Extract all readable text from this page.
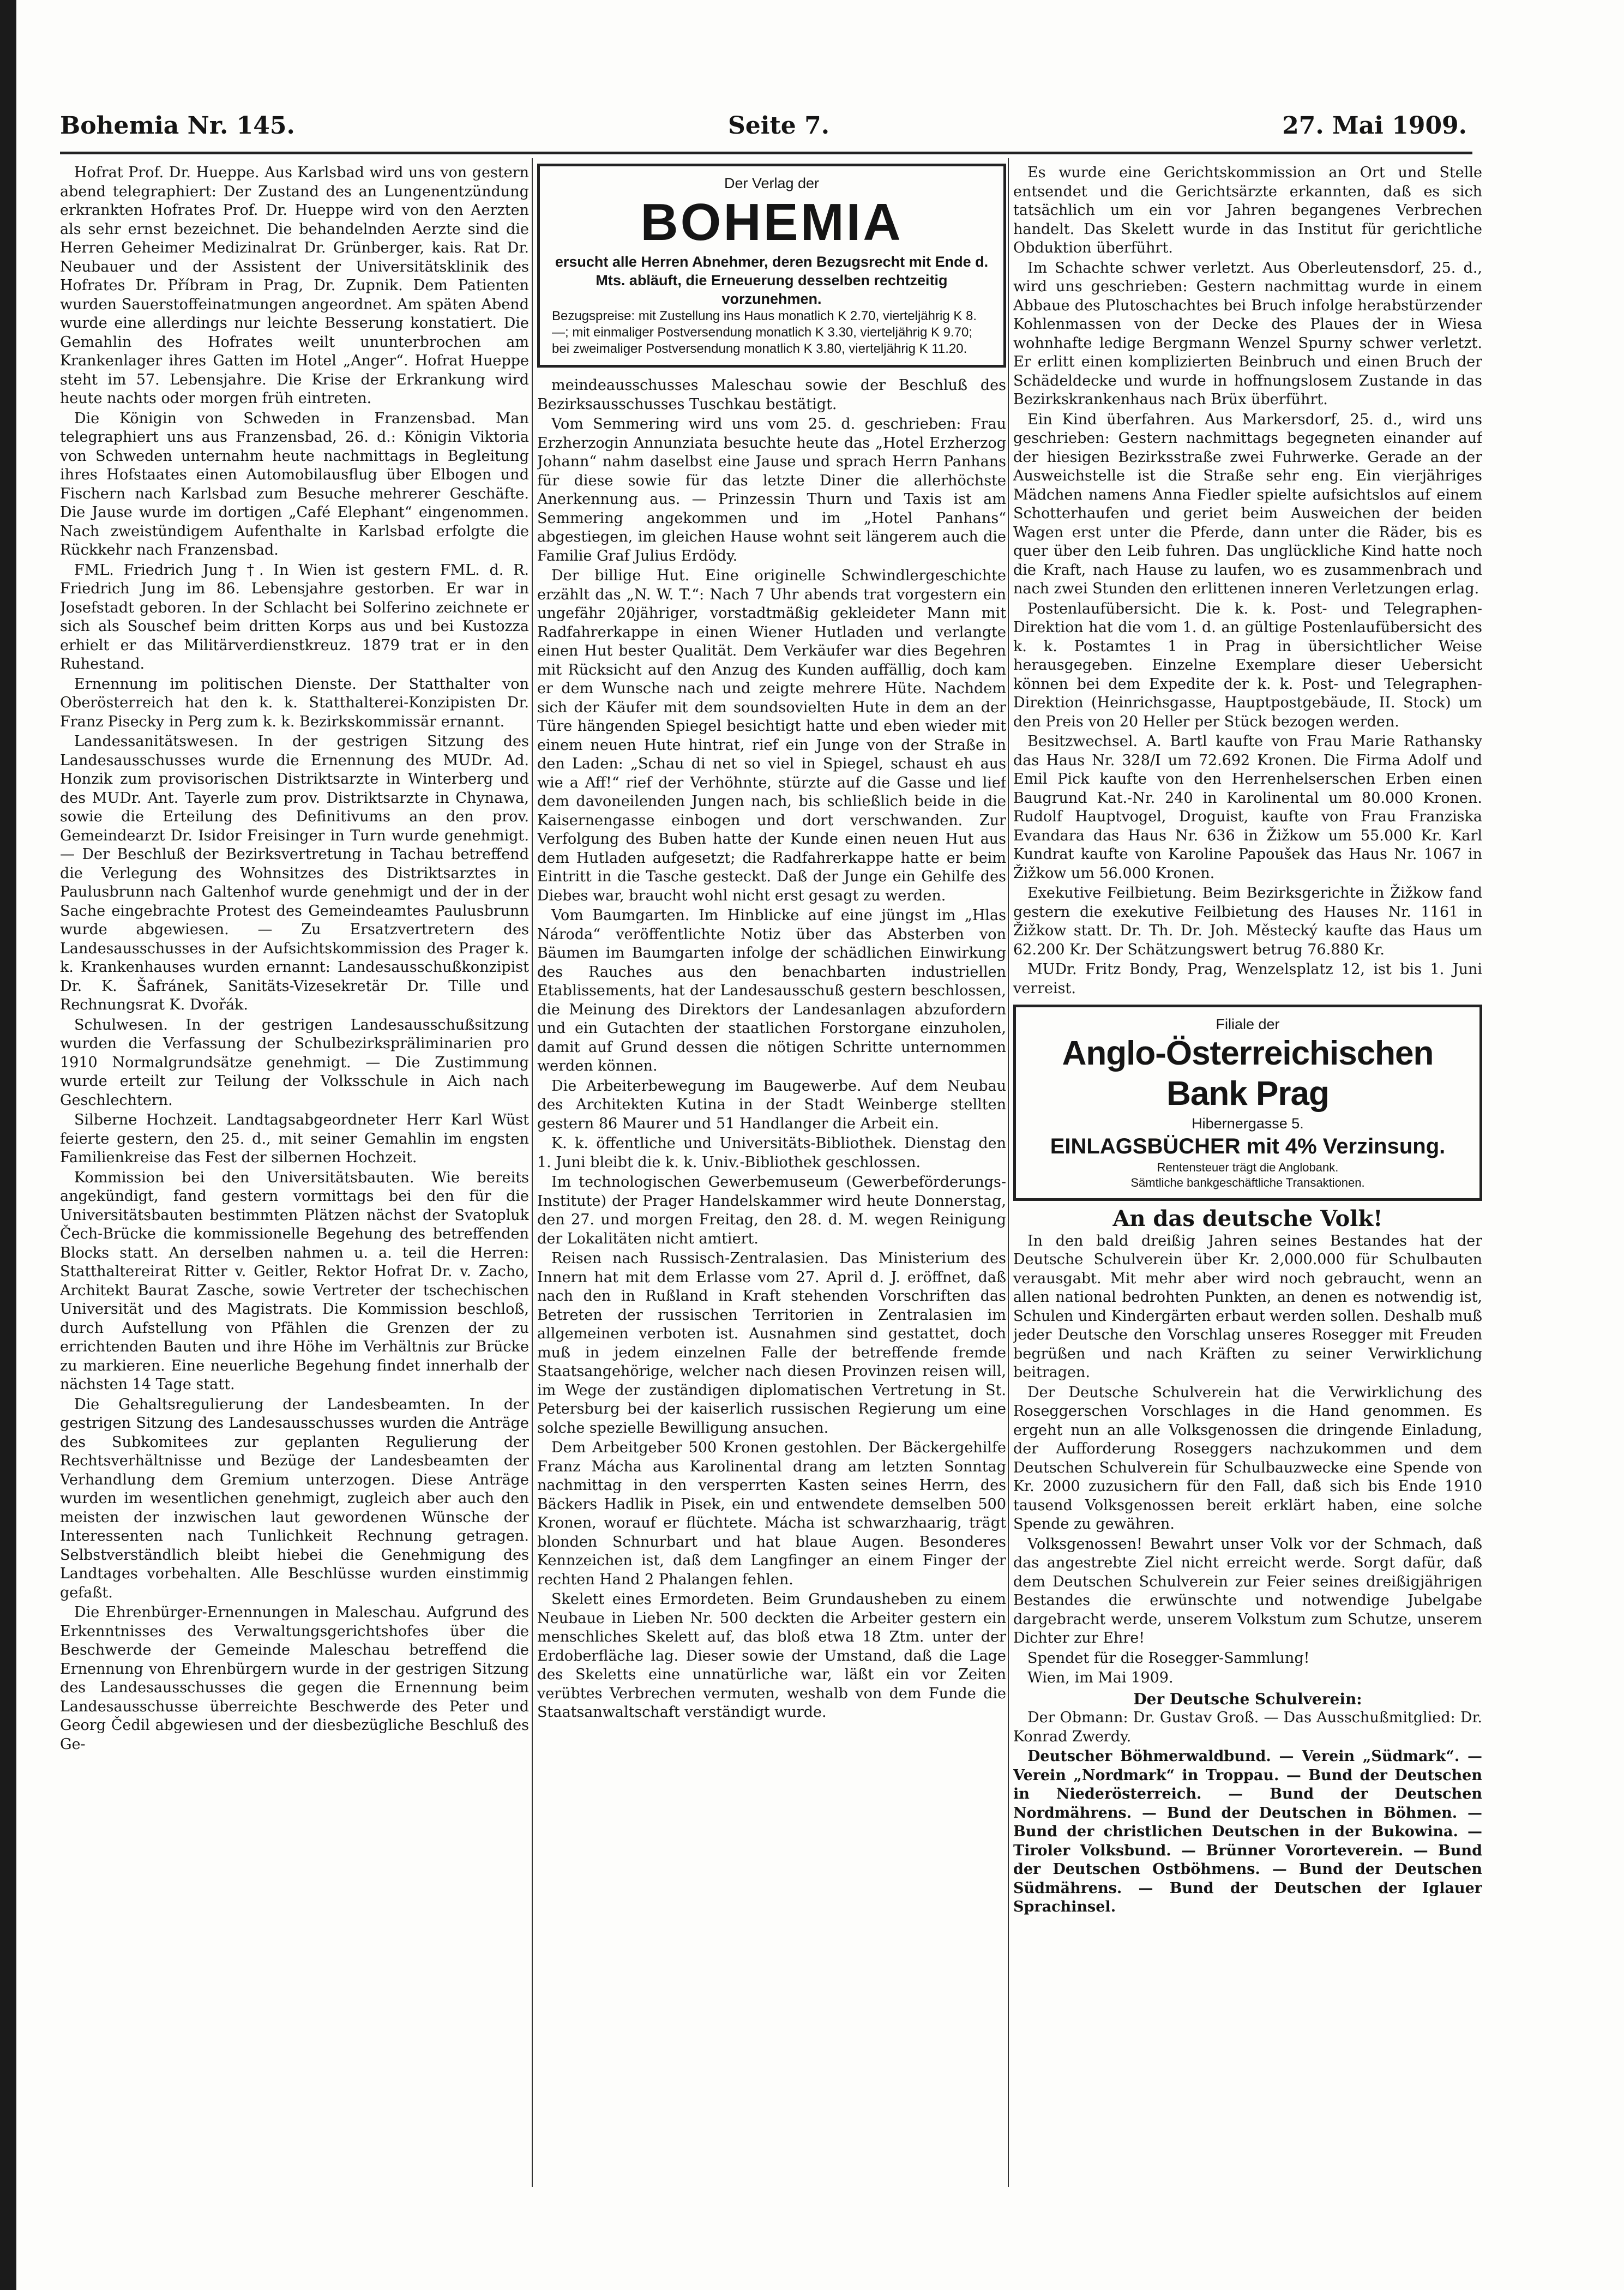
Bohemia Nr. 145.	Seite 7.	27. Mai 1909.

Hofrat Prof. Dr. Hueppe. Aus Karlsbad wird uns von gestern abend telegraphiert: Der Zustand des an Lungenentzündung erkrankten Hofrates Prof. Dr. Hueppe wird von den Aerzten als sehr ernst bezeichnet. Die behandelnden Aerzte sind die Herren Geheimer Medizinalrat Dr. Grünberger, kais. Rat Dr. Neubauer und der Assistent der Universitätsklinik des Hofrates Dr. Příbram in Prag, Dr. Zupnik. Dem Patienten wurden Sauerstoffeinatmungen angeordnet. Am späten Abend wurde eine allerdings nur leichte Besserung konstatiert. Die Gemahlin des Hofrates weilt ununterbrochen am Krankenlager ihres Gatten im Hotel „Anger“. Hofrat Hueppe steht im 57. Lebensjahre. Die Krise der Erkrankung wird heute nachts oder morgen früh eintreten.

Die Königin von Schweden in Franzensbad. Man telegraphiert uns aus Franzensbad, 26. d.: Königin Viktoria von Schweden unternahm heute nachmittags in Begleitung ihres Hofstaates einen Automobilausflug über Elbogen und Fischern nach Karlsbad zum Besuche mehrerer Geschäfte. Die Jause wurde im dortigen „Café Elephant“ eingenommen. Nach zweistündigem Aufenthalte in Karlsbad erfolgte die Rückkehr nach Franzensbad.

FML. Friedrich Jung †. In Wien ist gestern FML. d. R. Friedrich Jung im 86. Lebensjahre gestorben. Er war in Josefstadt geboren. In der Schlacht bei Solferino zeichnete er sich als Souschef beim dritten Korps aus und bei Kustozza erhielt er das Militärverdienstkreuz. 1879 trat er in den Ruhestand.

Ernennung im politischen Dienste. Der Statthalter von Oberösterreich hat den k. k. Statthalterei-Konzipisten Dr. Franz Pisecky in Perg zum k. k. Bezirkskommissär ernannt.

Landessanitätswesen. In der gestrigen Sitzung des Landesausschusses wurde die Ernennung des MUDr. Ad. Honzik zum provisorischen Distriktsarzte in Winterberg und des MUDr. Ant. Tayerle zum prov. Distriktsarzte in Chynawa, sowie die Erteilung des Definitivums an den prov. Gemeindearzt Dr. Isidor Freisinger in Turn wurde genehmigt. — Der Beschluß der Bezirksvertretung in Tachau betreffend die Verlegung des Wohnsitzes des Distriktsarztes in Paulusbrunn nach Galtenhof wurde genehmigt und der in der Sache eingebrachte Protest des Gemeindeamtes Paulusbrunn wurde abgewiesen. — Zu Ersatzvertretern des Landesausschusses in der Aufsichtskommission des Prager k. k. Krankenhauses wurden ernannt: Landesausschußkonzipist Dr. K. Šafránek, Sanitäts-Vizesekretär Dr. Tille und Rechnungsrat K. Dvořák.

Schulwesen. In der gestrigen Landesausschußsitzung wurden die Verfassung der Schulbezirkspräliminarien pro 1910 Normalgrundsätze genehmigt. — Die Zustimmung wurde erteilt zur Teilung der Volksschule in Aich nach Geschlechtern.

Silberne Hochzeit. Landtagsabgeordneter Herr Karl Wüst feierte gestern, den 25. d., mit seiner Gemahlin im engsten Familienkreise das Fest der silbernen Hochzeit.

Kommission bei den Universitätsbauten. Wie bereits angekündigt, fand gestern vormittags bei den für die Universitätsbauten bestimmten Plätzen nächst der Svatopluk Čech-Brücke die kommissionelle Begehung des betreffenden Blocks statt. An derselben nahmen u. a. teil die Herren: Statthaltereirat Ritter v. Geitler, Rektor Hofrat Dr. v. Zacho, Architekt Baurat Zasche, sowie Vertreter der tschechischen Universität und des Magistrats. Die Kommission beschloß, durch Aufstellung von Pfählen die Grenzen der zu errichtenden Bauten und ihre Höhe im Verhältnis zur Brücke zu markieren. Eine neuerliche Begehung findet innerhalb der nächsten 14 Tage statt.

Die Gehaltsregulierung der Landesbeamten. In der gestrigen Sitzung des Landesausschusses wurden die Anträge des Subkomitees zur geplanten Regulierung der Rechtsverhältnisse und Bezüge der Landesbeamten der Verhandlung dem Gremium unterzogen. Diese Anträge wurden im wesentlichen genehmigt, zugleich aber auch den meisten der inzwischen laut gewordenen Wünsche der Interessenten nach Tunlichkeit Rechnung getragen. Selbstverständlich bleibt hiebei die Genehmigung des Landtages vorbehalten. Alle Beschlüsse wurden einstimmig gefaßt.

Die Ehrenbürger-Ernennungen in Maleschau. Aufgrund des Erkenntnisses des Verwaltungsgerichtshofes über die Beschwerde der Gemeinde Maleschau betreffend die Ernennung von Ehrenbürgern wurde in der gestrigen Sitzung des Landesausschusses die gegen die Ernennung beim Landesausschusse überreichte Beschwerde des Peter und Georg Čedil abgewiesen und der diesbezügliche Beschluß des Ge-

Der Verlag der
BOHEMIA
ersucht alle Herren Abnehmer, deren Bezugsrecht mit Ende d. Mts. abläuft, die Erneuerung desselben rechtzeitig vorzunehmen.
Bezugspreise: mit Zustellung ins Haus monatlich K 2.70, vierteljährig K 8.—; mit einmaliger Postversendung monatlich K 3.30, vierteljährig K 9.70; bei zweimaliger Postversendung monatlich K 3.80, vierteljährig K 11.20.

meindeausschusses Maleschau sowie der Beschluß des Bezirksausschusses Tuschkau bestätigt.

Vom Semmering wird uns vom 25. d. geschrieben: Frau Erzherzogin Annunziata besuchte heute das „Hotel Erzherzog Johann“ nahm daselbst eine Jause und sprach Herrn Panhans für diese sowie für das letzte Diner die allerhöchste Anerkennung aus. — Prinzessin Thurn und Taxis ist am Semmering angekommen und im „Hotel Panhans“ abgestiegen, im gleichen Hause wohnt seit längerem auch die Familie Graf Julius Erdödy.

Der billige Hut. Eine originelle Schwindlergeschichte erzählt das „N. W. T.“: Nach 7 Uhr abends trat vorgestern ein ungefähr 20jähriger, vorstadtmäßig gekleideter Mann mit Radfahrerkappe in einen Wiener Hutladen und verlangte einen Hut bester Qualität. Dem Verkäufer war dies Begehren mit Rücksicht auf den Anzug des Kunden auffällig, doch kam er dem Wunsche nach und zeigte mehrere Hüte. Nachdem sich der Käufer mit dem soundsovielten Hute in dem an der Türe hängenden Spiegel besichtigt hatte und eben wieder mit einem neuen Hute hintrat, rief ein Junge von der Straße in den Laden: „Schau di net so viel in Spiegel, schaust eh aus wie a Aff!“ rief der Verhöhnte, stürzte auf die Gasse und lief dem davoneilenden Jungen nach, bis schließlich beide in die Kaisernengasse einbogen und dort verschwanden. Zur Verfolgung des Buben hatte der Kunde einen neuen Hut aus dem Hutladen aufgesetzt; die Radfahrerkappe hatte er beim Eintritt in die Tasche gesteckt. Daß der Junge ein Gehilfe des Diebes war, braucht wohl nicht erst gesagt zu werden.

Vom Baumgarten. Im Hinblicke auf eine jüngst im „Hlas Národa“ veröffentlichte Notiz über das Absterben von Bäumen im Baumgarten infolge der schädlichen Einwirkung des Rauches aus den benachbarten industriellen Etablissements, hat der Landesausschuß gestern beschlossen, die Meinung des Direktors der Landesanlagen abzufordern und ein Gutachten der staatlichen Forstorgane einzuholen, damit auf Grund dessen die nötigen Schritte unternommen werden können.

Die Arbeiterbewegung im Baugewerbe. Auf dem Neubau des Architekten Kutina in der Stadt Weinberge stellten gestern 86 Maurer und 51 Handlanger die Arbeit ein.

K. k. öffentliche und Universitäts-Bibliothek. Dienstag den 1. Juni bleibt die k. k. Univ.-Bibliothek geschlossen.

Im technologischen Gewerbemuseum (Gewerbeförderungs-Institute) der Prager Handelskammer wird heute Donnerstag, den 27. und morgen Freitag, den 28. d. M. wegen Reinigung der Lokalitäten nicht amtiert.

Reisen nach Russisch-Zentralasien. Das Ministerium des Innern hat mit dem Erlasse vom 27. April d. J. eröffnet, daß nach den in Rußland in Kraft stehenden Vorschriften das Betreten der russischen Territorien in Zentralasien im allgemeinen verboten ist. Ausnahmen sind gestattet, doch muß in jedem einzelnen Falle der betreffende fremde Staatsangehörige, welcher nach diesen Provinzen reisen will, im Wege der zuständigen diplomatischen Vertretung in St. Petersburg bei der kaiserlich russischen Regierung um eine solche spezielle Bewilligung ansuchen.

Dem Arbeitgeber 500 Kronen gestohlen. Der Bäckergehilfe Franz Mácha aus Karolinental drang am letzten Sonntag nachmittag in den versperrten Kasten seines Herrn, des Bäckers Hadlik in Pisek, ein und entwendete demselben 500 Kronen, worauf er flüchtete. Mácha ist schwarzhaarig, trägt blonden Schnurbart und hat blaue Augen. Besonderes Kennzeichen ist, daß dem Langfinger an einem Finger der rechten Hand 2 Phalangen fehlen.

Skelett eines Ermordeten. Beim Grundausheben zu einem Neubaue in Lieben Nr. 500 deckten die Arbeiter gestern ein menschliches Skelett auf, das bloß etwa 18 Ztm. unter der Erdoberfläche lag. Dieser sowie der Umstand, daß die Lage des Skeletts eine unnatürliche war, läßt ein vor Zeiten verübtes Verbrechen vermuten, weshalb von dem Funde die Staatsanwaltschaft verständigt wurde.

Es wurde eine Gerichtskommission an Ort und Stelle entsendet und die Gerichtsärzte erkannten, daß es sich tatsächlich um ein vor Jahren begangenes Verbrechen handelt. Das Skelett wurde in das Institut für gerichtliche Obduktion überführt.

Im Schachte schwer verletzt. Aus Oberleutensdorf, 25. d., wird uns geschrieben: Gestern nachmittag wurde in einem Abbaue des Plutoschachtes bei Bruch infolge herabstürzender Kohlenmassen von der Decke des Plaues der in Wiesa wohnhafte ledige Bergmann Wenzel Spurny schwer verletzt. Er erlitt einen komplizierten Beinbruch und einen Bruch der Schädeldecke und wurde in hoffnungslosem Zustande in das Bezirkskrankenhaus nach Brüx überführt.

Ein Kind überfahren. Aus Markersdorf, 25. d., wird uns geschrieben: Gestern nachmittags begegneten einander auf der hiesigen Bezirksstraße zwei Fuhrwerke. Gerade an der Ausweichstelle ist die Straße sehr eng. Ein vierjähriges Mädchen namens Anna Fiedler spielte aufsichtslos auf einem Schotterhaufen und geriet beim Ausweichen der beiden Wagen erst unter die Pferde, dann unter die Räder, bis es quer über den Leib fuhren. Das unglückliche Kind hatte noch die Kraft, nach Hause zu laufen, wo es zusammenbrach und nach zwei Stunden den erlittenen inneren Verletzungen erlag.

Postenlaufübersicht. Die k. k. Post- und Telegraphen-Direktion hat die vom 1. d. an gültige Postenlaufübersicht des k. k. Postamtes 1 in Prag in übersichtlicher Weise herausgegeben. Einzelne Exemplare dieser Uebersicht können bei dem Expedite der k. k. Post- und Telegraphen-Direktion (Heinrichsgasse, Hauptpostgebäude, II. Stock) um den Preis von 20 Heller per Stück bezogen werden.

Besitzwechsel. A. Bartl kaufte von Frau Marie Rathansky das Haus Nr. 328/I um 72.692 Kronen. Die Firma Adolf und Emil Pick kaufte von den Herrenhelserschen Erben einen Baugrund Kat.-Nr. 240 in Karolinental um 80.000 Kronen. Rudolf Hauptvogel, Droguist, kaufte von Frau Franziska Evandara das Haus Nr. 636 in Žižkow um 55.000 Kr. Karl Kundrat kaufte von Karoline Papoušek das Haus Nr. 1067 in Žižkow um 56.000 Kronen.

Exekutive Feilbietung. Beim Bezirksgerichte in Žižkow fand gestern die exekutive Feilbietung des Hauses Nr. 1161 in Žižkow statt. Dr. Th. Dr. Joh. Městecký kaufte das Haus um 62.200 Kr. Der Schätzungswert betrug 76.880 Kr.

MUDr. Fritz Bondy, Prag, Wenzelsplatz 12, ist bis 1. Juni verreist.

Filiale der
Anglo-Österreichischen Bank Prag
Hibernergasse 5.
EINLAGSBÜCHER mit 4% Verzinsung.
Rentensteuer trägt die Anglobank.
Sämtliche bankgeschäftliche Transaktionen.
An das deutsche Volk!

In den bald dreißig Jahren seines Bestandes hat der Deutsche Schulverein über Kr. 2,000.000 für Schulbauten verausgabt. Mit mehr aber wird noch gebraucht, wenn an allen national bedrohten Punkten, an denen es notwendig ist, Schulen und Kindergärten erbaut werden sollen. Deshalb muß jeder Deutsche den Vorschlag unseres Rosegger mit Freuden begrüßen und nach Kräften zu seiner Verwirklichung beitragen.

Der Deutsche Schulverein hat die Verwirklichung des Roseggerschen Vorschlages in die Hand genommen. Es ergeht nun an alle Volksgenossen die dringende Einladung, der Aufforderung Roseggers nachzukommen und dem Deutschen Schulverein für Schulbauzwecke eine Spende von Kr. 2000 zuzusichern für den Fall, daß sich bis Ende 1910 tausend Volksgenossen bereit erklärt haben, eine solche Spende zu gewähren.

Volksgenossen! Bewahrt unser Volk vor der Schmach, daß das angestrebte Ziel nicht erreicht werde. Sorgt dafür, daß dem Deutschen Schulverein zur Feier seines dreißigjährigen Bestandes die erwünschte und notwendige Jubelgabe dargebracht werde, unserem Volkstum zum Schutze, unserem Dichter zur Ehre!

Spendet für die Rosegger-Sammlung!

Wien, im Mai 1909.

Der Deutsche Schulverein:

Der Obmann: Dr. Gustav Groß. — Das Ausschußmitglied: Dr. Konrad Zwerdy.

Deutscher Böhmerwaldbund. — Verein „Südmark“. — Verein „Nordmark“ in Troppau. — Bund der Deutschen in Niederösterreich. — Bund der Deutschen Nordmährens. — Bund der Deutschen in Böhmen. — Bund der christlichen Deutschen in der Bukowina. — Tiroler Volksbund. — Brünner Vororteverein. — Bund der Deutschen Ostböhmens. — Bund der Deutschen Südmährens. — Bund der Deutschen der Iglauer Sprachinsel.
